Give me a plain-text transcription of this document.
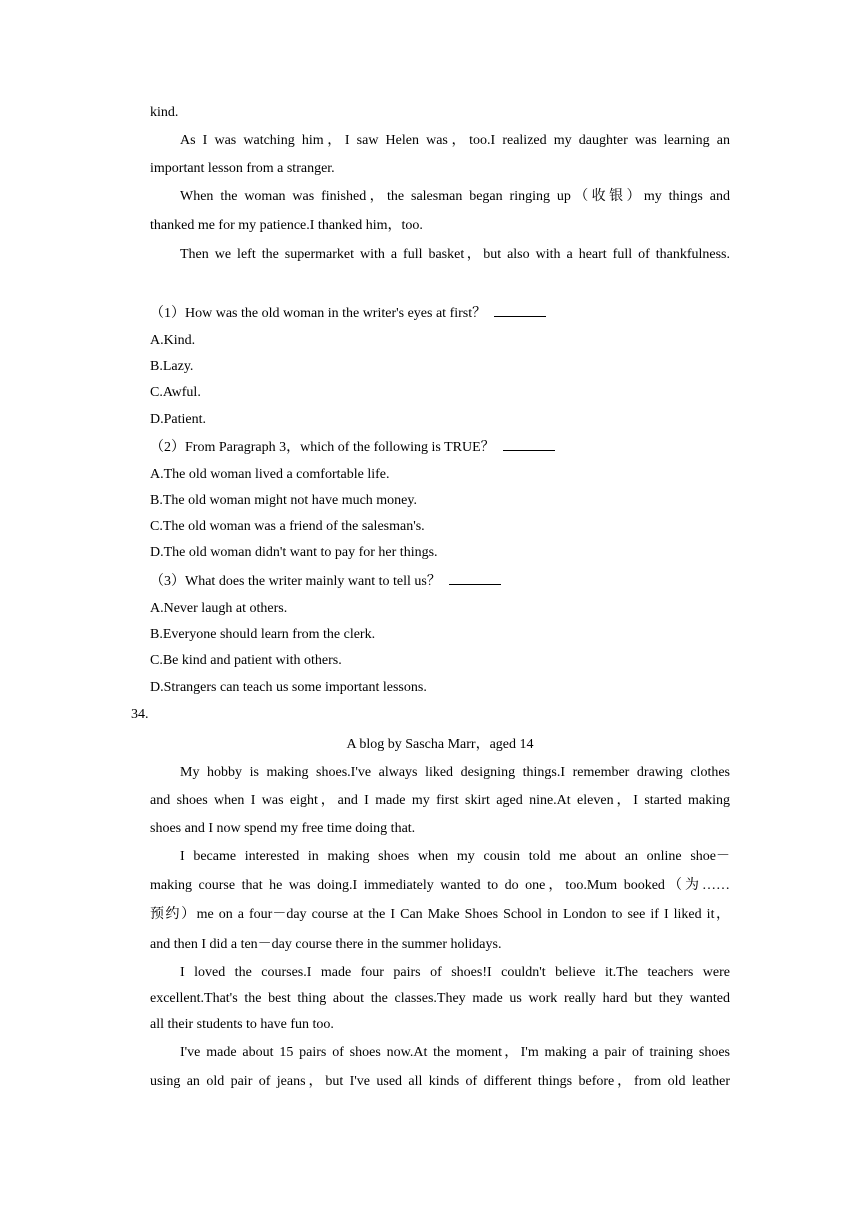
kind.
As I was watching him，I saw Helen was，too.I realized my daughter was learning an
important lesson from a stranger.
When the woman was finished，the salesman began ringing up（收银）my things and
thanked me for my patience.I thanked him，too.
Then we left the supermarket with a full basket，but also with a heart full of thankfulness.
（1）How was the old woman in the writer's eyes at first？
A.Kind.
B.Lazy.
C.Awful.
D.Patient.
（2）From Paragraph 3，which of the following is TRUE？
A.The old woman lived a comfortable life.
B.The old woman might not have much money.
C.The old woman was a friend of the salesman's.
D.The old woman didn't want to pay for her things.
（3）What does the writer mainly want to tell us？
A.Never laugh at others.
B.Everyone should learn from the clerk.
C.Be kind and patient with others.
D.Strangers can teach us some important lessons.
34.
A blog by Sascha Marr，aged 14
My hobby is making shoes.I've always liked designing things.I remember drawing clothes
and shoes when I was eight，and I made my first skirt aged nine.At eleven，I started making
shoes and I now spend my free time doing that.
I became interested in making shoes when my cousin told me about an online shoe－
making course that he was doing.I immediately wanted to do one，too.Mum booked（为……
预约）me on a four－day course at the I Can Make Shoes School in London to see if I liked it，
and then I did a ten－day course there in the summer holidays.
I loved the courses.I made four pairs of shoes!I couldn't believe it.The teachers were
excellent.That's the best thing about the classes.They made us work really hard but they wanted
all their students to have fun too.
I've made about 15 pairs of shoes now.At the moment，I'm making a pair of training shoes
using an old pair of jeans，but I've used all kinds of different things before，from old leather
